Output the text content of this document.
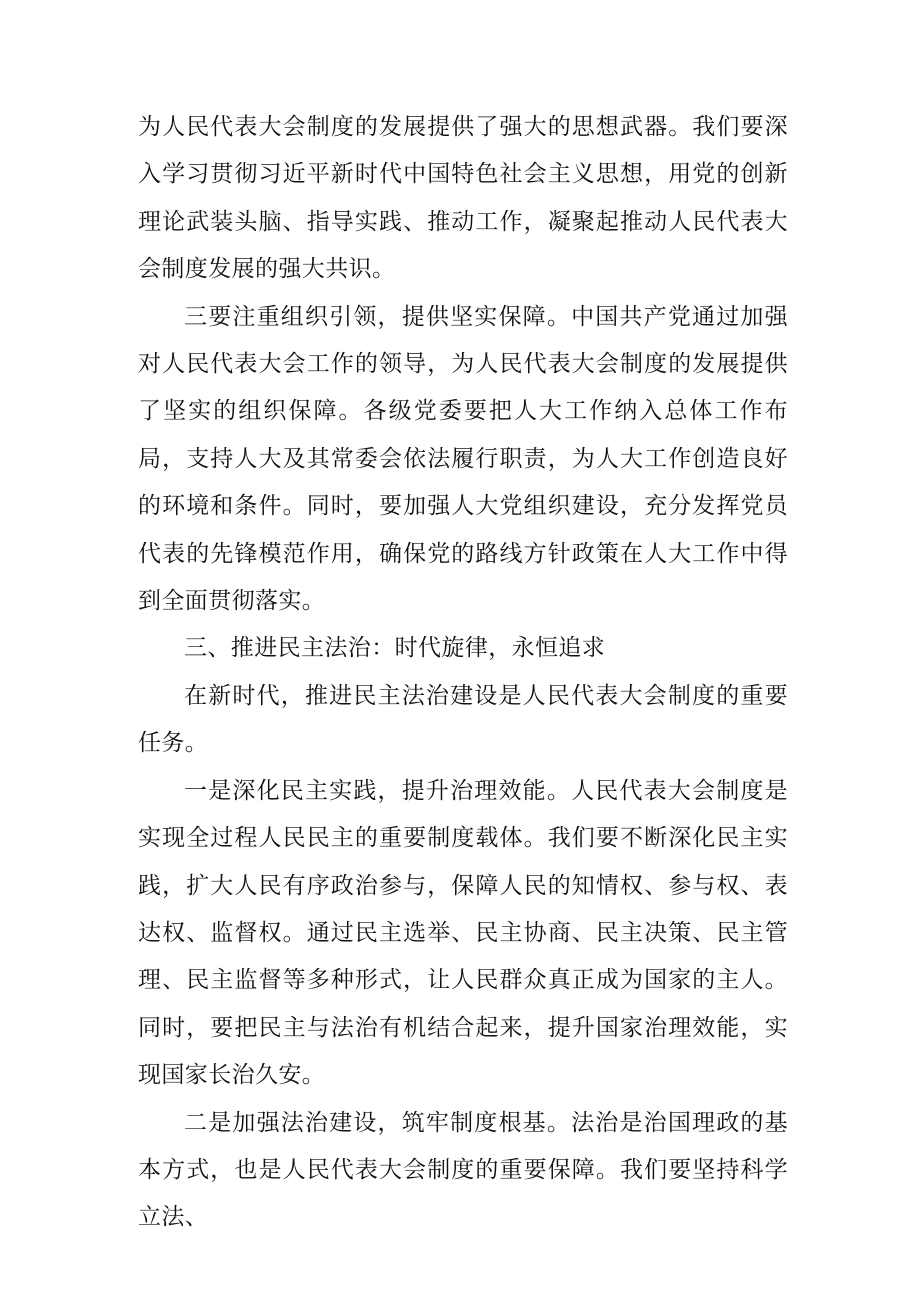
为人民代表大会制度的发展提供了强大的思想武器。我们要深入学习贯彻习近平新时代中国特色社会主义思想，用党的创新理论武装头脑、指导实践、推动工作，凝聚起推动人民代表大会制度发展的强大共识。

三要注重组织引领，提供坚实保障。中国共产党通过加强对人民代表大会工作的领导，为人民代表大会制度的发展提供了坚实的组织保障。各级党委要把人大工作纳入总体工作布局，支持人大及其常委会依法履行职责，为人大工作创造良好的环境和条件。同时，要加强人大党组织建设，充分发挥党员代表的先锋模范作用，确保党的路线方针政策在人大工作中得到全面贯彻落实。

三、推进民主法治：时代旋律，永恒追求

在新时代，推进民主法治建设是人民代表大会制度的重要任务。

一是深化民主实践，提升治理效能。人民代表大会制度是实现全过程人民民主的重要制度载体。我们要不断深化民主实践，扩大人民有序政治参与，保障人民的知情权、参与权、表达权、监督权。通过民主选举、民主协商、民主决策、民主管理、民主监督等多种形式，让人民群众真正成为国家的主人。同时，要把民主与法治有机结合起来，提升国家治理效能，实现国家长治久安。

二是加强法治建设，筑牢制度根基。法治是治国理政的基本方式，也是人民代表大会制度的重要保障。我们要坚持科学立法、
